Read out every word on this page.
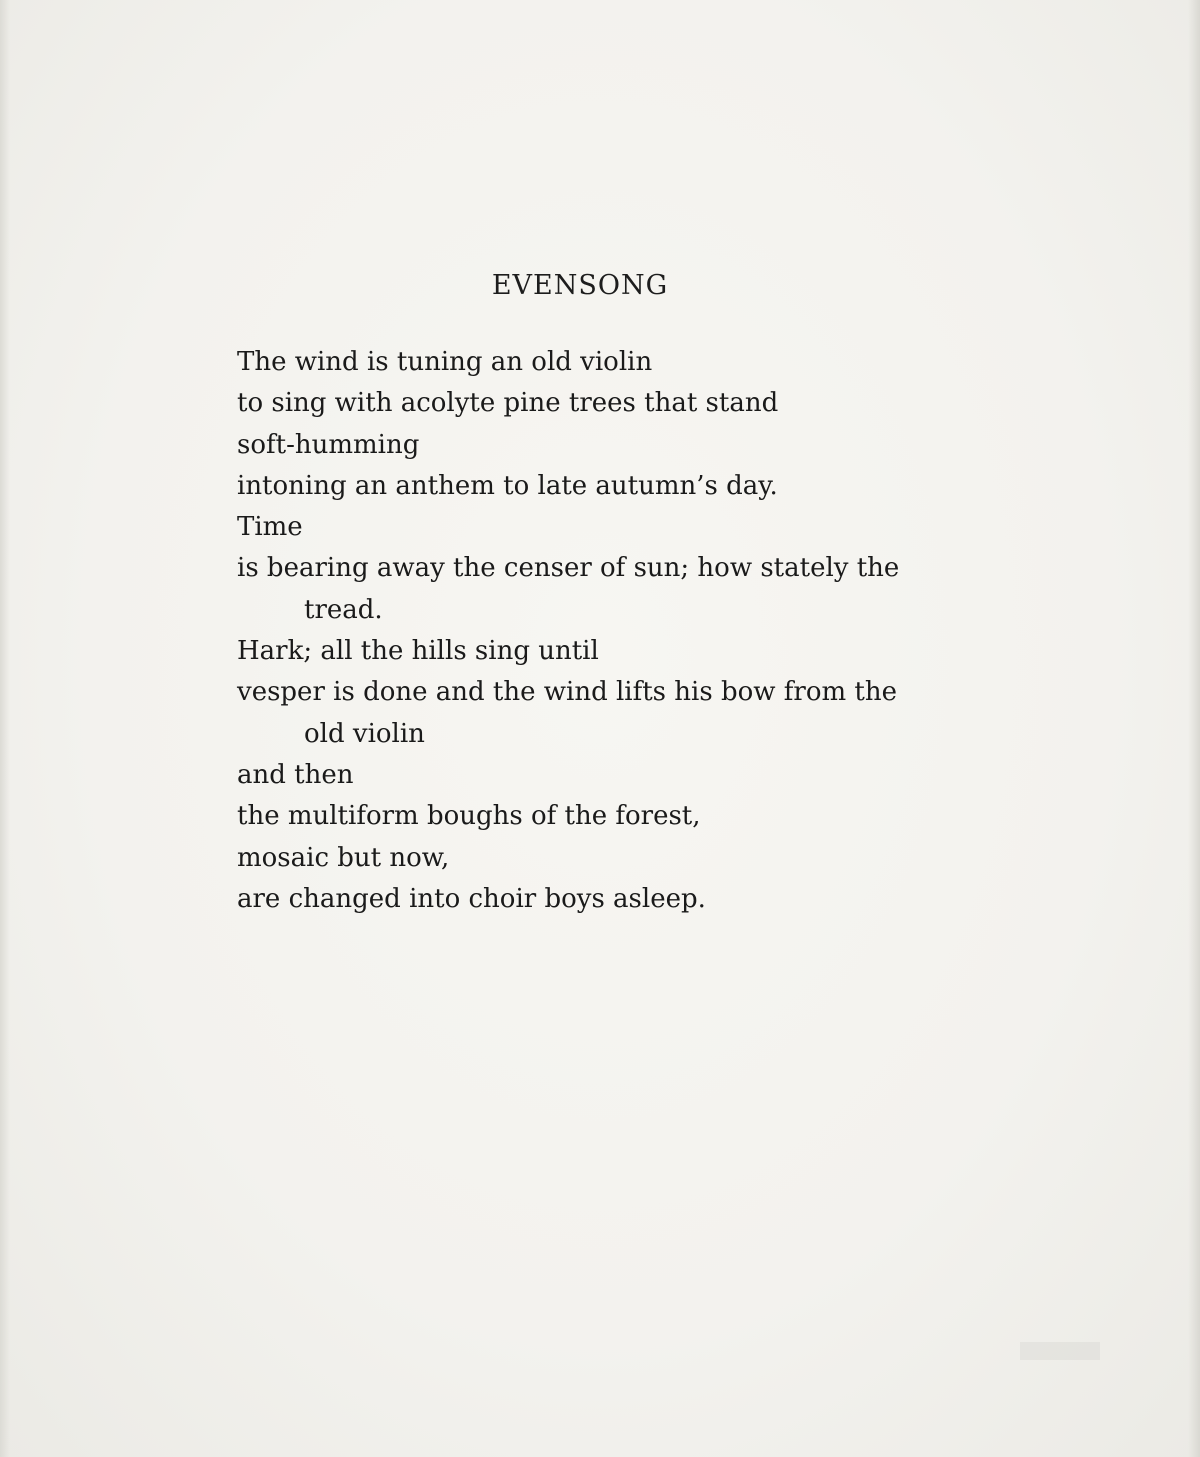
EVENSONG
The wind is tuning an old violin
to sing with acolyte pine trees that stand
soft-humming
intoning an anthem to late autumn’s day.
Time
is bearing away the censer of sun; how stately the
tread.
Hark; all the hills sing until
vesper is done and the wind lifts his bow from the
old violin
and then
the multiform boughs of the forest,
mosaic but now,
are changed into choir boys asleep.
